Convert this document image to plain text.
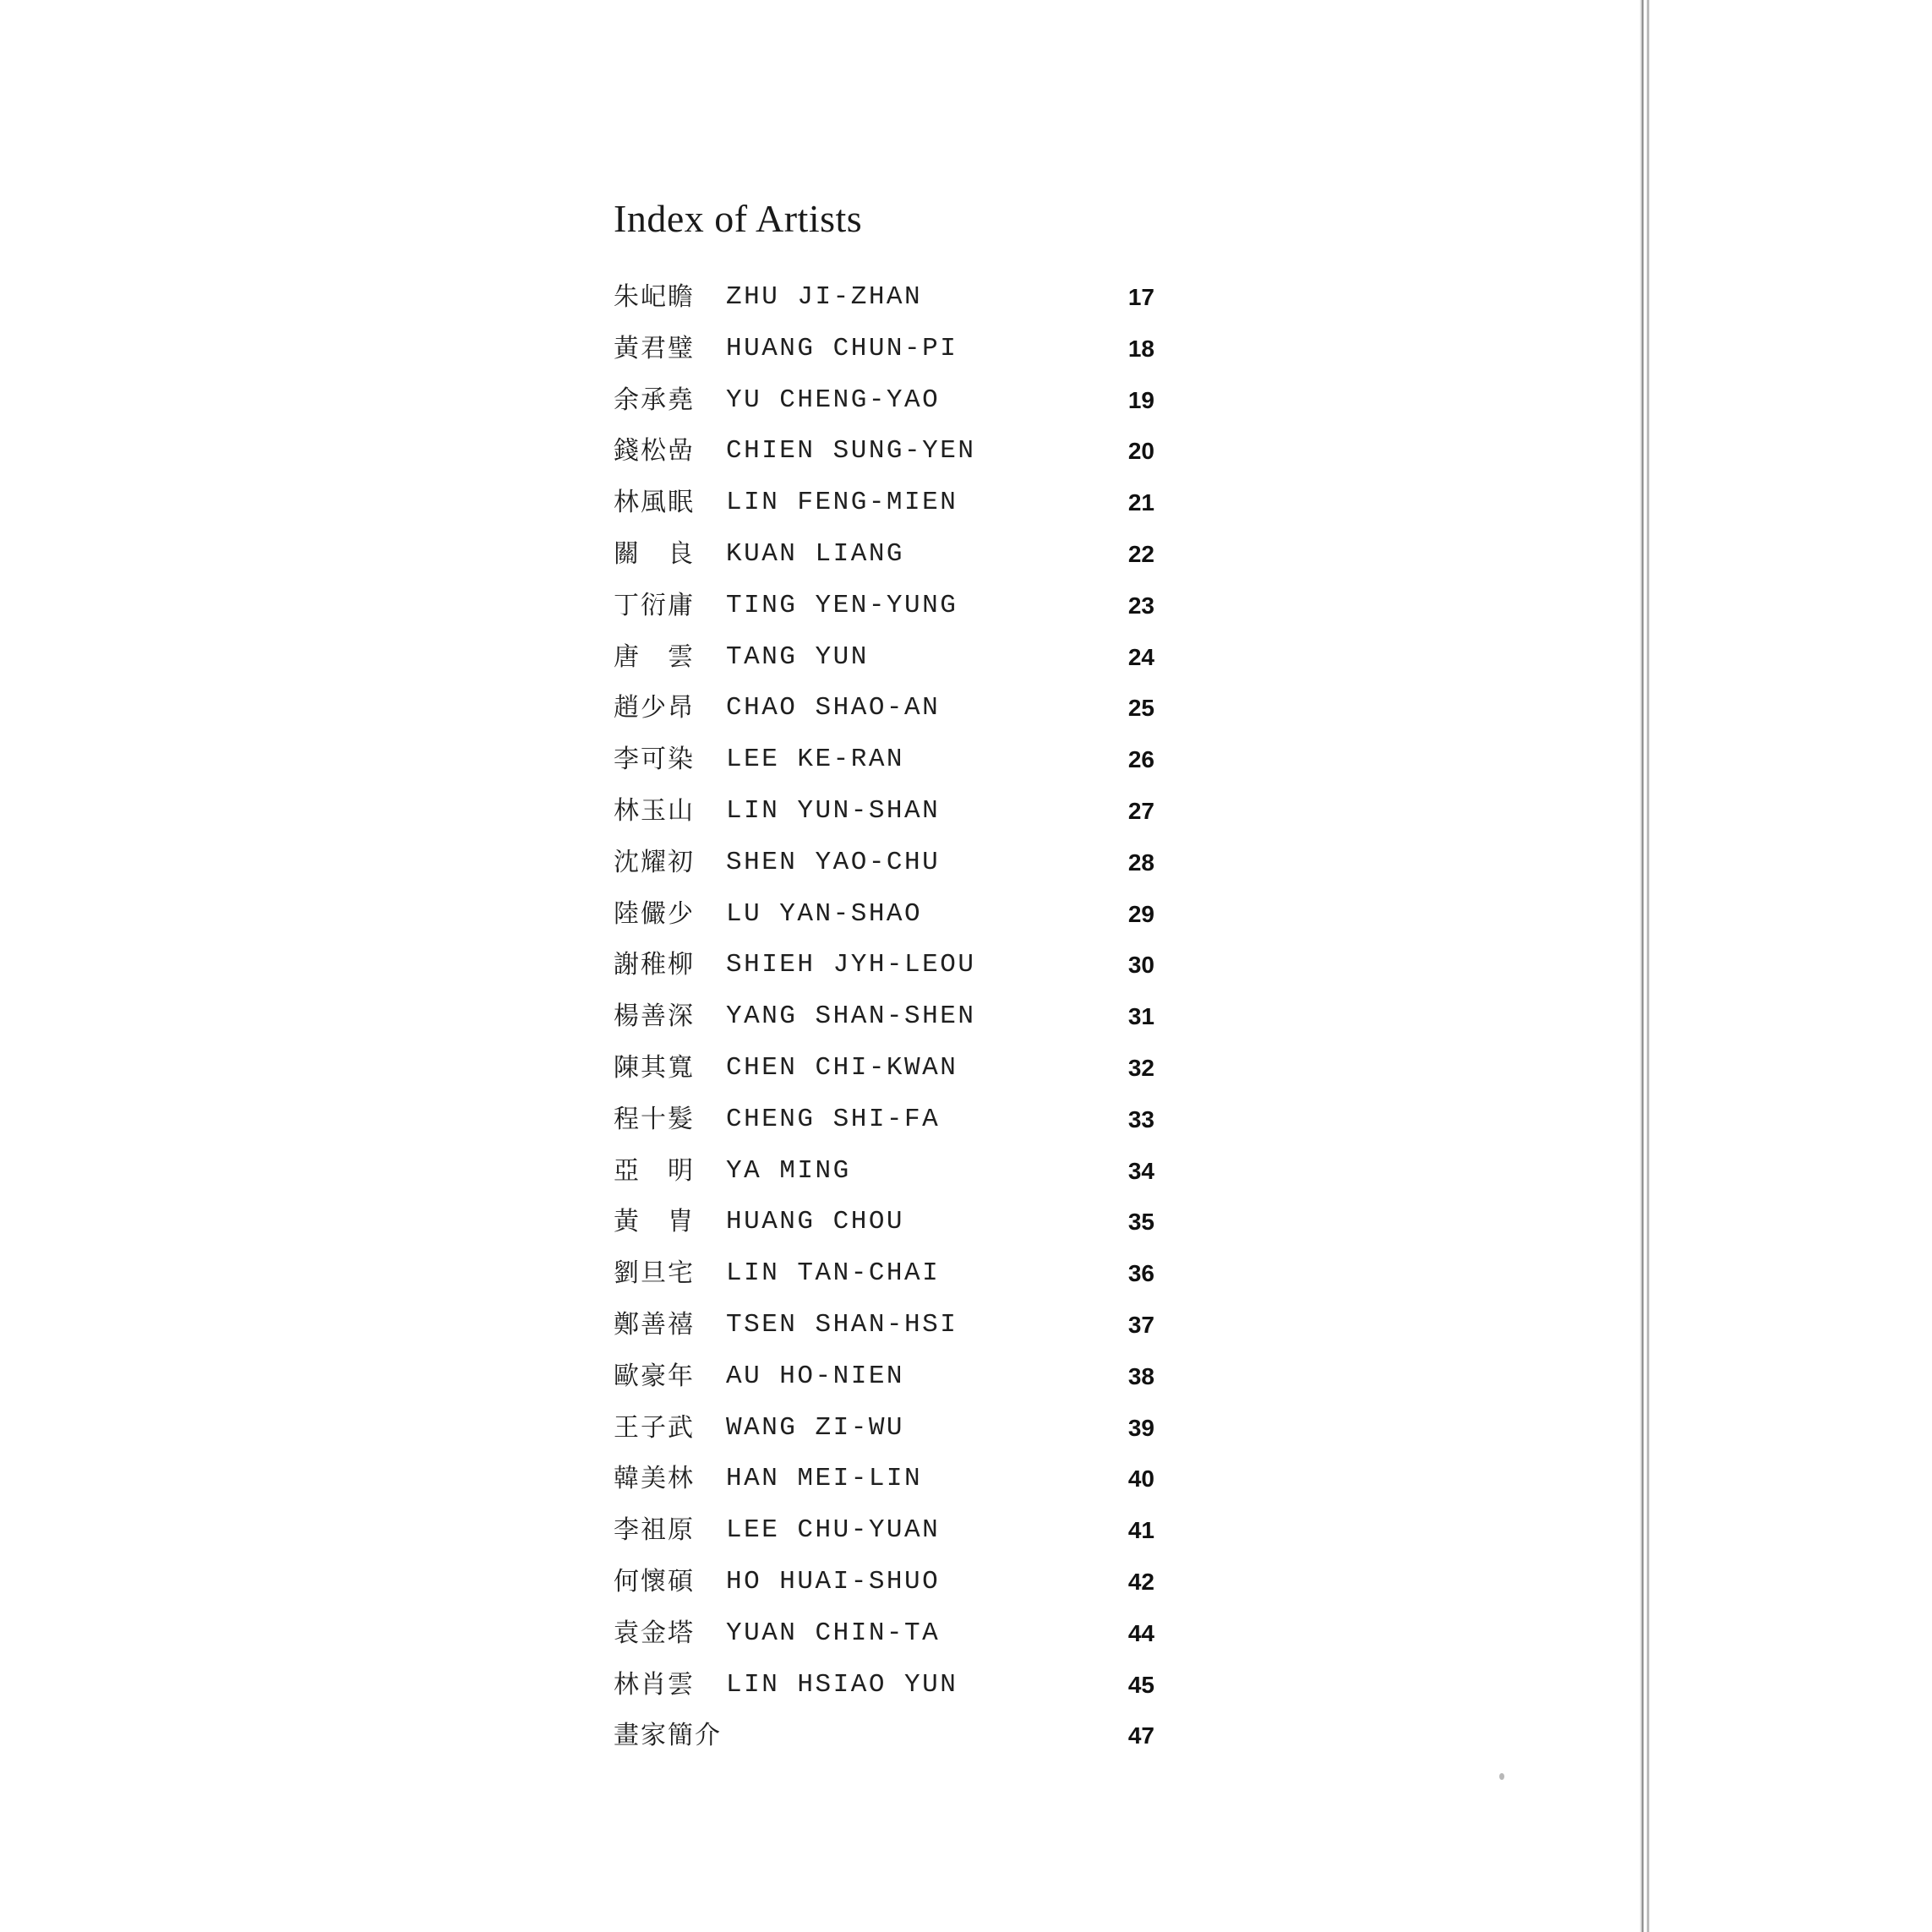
Index of Artists
朱屺瞻	ZHU JI-ZHAN	17
黃君璧	HUANG CHUN-PI	18
余承堯	YU CHENG-YAO	19
錢松嵒	CHIEN SUNG-YEN	20
林風眠	LIN FENG-MIEN	21
關　良	KUAN LIANG	22
丁衍庸	TING YEN-YUNG	23
唐　雲	TANG YUN	24
趙少昂	CHAO SHAO-AN	25
李可染	LEE KE-RAN	26
林玉山	LIN YUN-SHAN	27
沈耀初	SHEN YAO-CHU	28
陸儼少	LU YAN-SHAO	29
謝稚柳	SHIEH JYH-LEOU	30
楊善深	YANG SHAN-SHEN	31
陳其寬	CHEN CHI-KWAN	32
程十髮	CHENG SHI-FA	33
亞　明	YA MING	34
黃　胄	HUANG CHOU	35
劉旦宅	LIN TAN-CHAI	36
鄭善禧	TSEN SHAN-HSI	37
歐豪年	AU HO-NIEN	38
王子武	WANG ZI-WU	39
韓美林	HAN MEI-LIN	40
李祖原	LEE CHU-YUAN	41
何懷碩	HO HUAI-SHUO	42
袁金塔	YUAN CHIN-TA	44
林肖雲	LIN HSIAO YUN	45
畫家簡介	47
